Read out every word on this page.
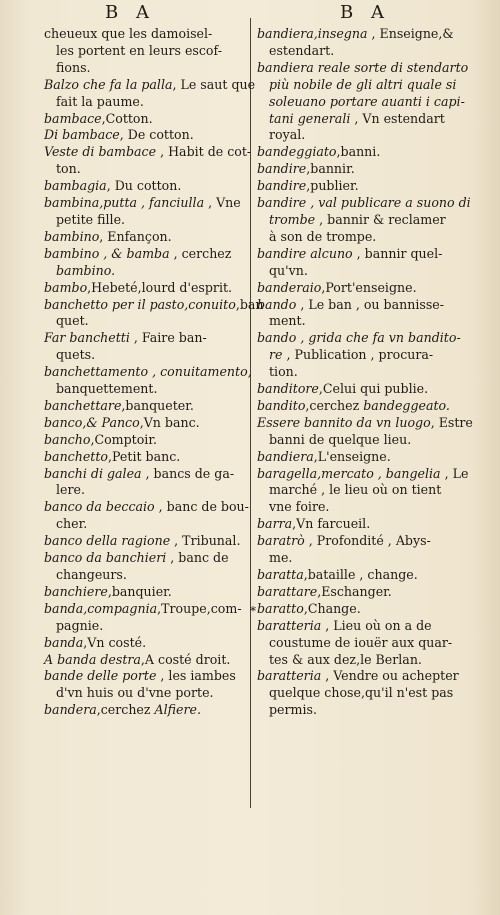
B A	B A
cheueux que les damoisel-
les portent en leurs escof-
fions.
Balzo che fa la palla, Le saut que
fait la paume.
bambace,Cotton.
Di bambace, De cotton.
Veste di bambace , Habit de cot-
ton.
bambagia, Du cotton.
bambina,putta , fanciulla , Vne
petite fille.
bambino, Enfançon.
bambino , & bamba , cerchez
bambino.
bambo,Hebeté,lourd d'esprit.
banchetto per il pasto,conuito,ban
quet.
Far banchetti , Faire ban-
quets.
banchettamento , conuitamento,
banquettement.
banchettare,banqueter.
banco,& Panco,Vn banc.
bancho,Comptoir.
banchetto,Petit banc.
banchi di galea , bancs de ga-
lere.
banco da beccaio , banc de bou-
cher.
banco della ragione , Tribunal.
banco da banchieri , banc de
changeurs.
banchiere,banquier.
banda,compagnia,Troupe,com-
pagnie.
banda,Vn costé.
A banda destra,A costé droit.
bande delle porte , les iambes
d'vn huis ou d'vne porte.
bandera,cerchez Alfiere.
bandiera,insegna , Enseigne,&
estendart.
bandiera reale sorte di stendarto
più nobile de gli altri quale si
soleuano portare auanti i capi-
tani generali , Vn estendart
royal.
bandeggiato,banni.
bandire,bannir.
bandire,publier.
bandire , val publicare a suono di
trombe , bannir & reclamer
à son de trompe.
bandire alcuno , bannir quel-
qu'vn.
banderaio,Port'enseigne.
bando , Le ban , ou bannisse-
ment.
bando , grida che fa vn bandito-
re , Publication , procura-
tion.
banditore,Celui qui publie.
bandito,cerchez bandeggeato.
Essere bannito da vn luogo, Estre
banni de quelque lieu.
bandiera,L'enseigne.
baragella,mercato , bangelia , Le
marché , le lieu où on tient
vne foire.
barra,Vn farcueil.
baratrò , Profondité , Abys-
me.
baratta,bataille , change.
barattare,Eschanger.
baratto,Change.
baratteria , Lieu où on a de
coustume de iouër aux quar-
tes & aux dez,le Berlan.
baratteria , Vendre ou achepter
quelque chose,qu'il n'est pas
permis.
*
